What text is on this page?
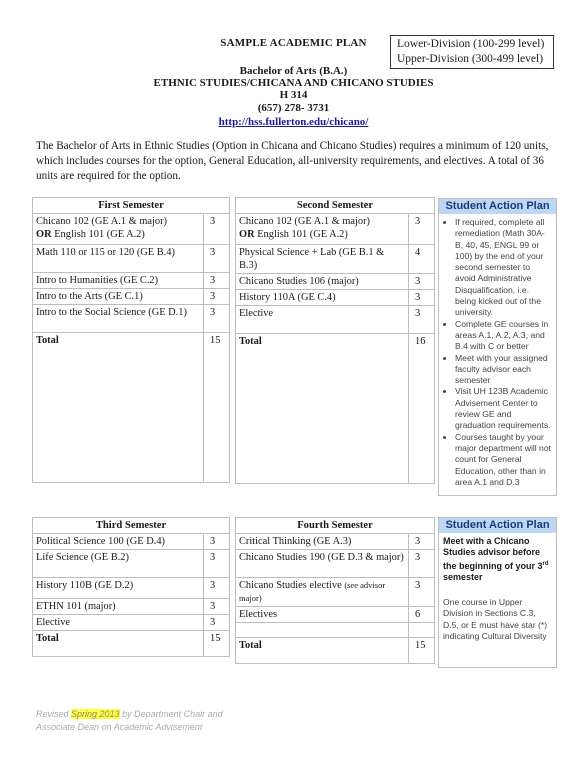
Lower-Division (100-299 level)
Upper-Division (300-499 level)
SAMPLE ACADEMIC PLAN
Bachelor of Arts (B.A.)
ETHNIC STUDIES/CHICANA AND CHICANO STUDIES
H 314
(657) 278- 3731
http://hss.fullerton.edu/chicano/
The Bachelor of Arts in Ethnic Studies (Option in Chicana and Chicano Studies) requires a minimum of 120 units, which includes courses for the option, General Education, all-university requirements, and electives. A total of 36 units are required for the option.
First Semester	
Chicano 102 (GE A.1 & major)
OR English 101 (GE A.2)	3
Math 110 or 115 or 120 (GE B.4)	3
Intro to Humanities (GE C.2)	3
Intro to the Arts (GE C.1)	3
Intro to the Social Science (GE D.1)	3
Total	15
Second Semester	
Chicano 102 (GE A.1 & major)
OR English 101 (GE A.2)	3
Physical Science + Lab (GE B.1 & B.3)	4
Chicano Studies 106 (major)	3
History 110A (GE C.4)	3
Elective	3
Total	16
Student Action Plan
• If required, complete all remediation (Math 30A-B, 40, 45, ENGL 99 or 100) by the end of your second semester to avoid Administrative Disqualification, i.e. being kicked out of the university.
• Complete GE courses in areas A.1, A.2, A.3, and B.4 with C or better
• Meet with your assigned faculty advisor each semester
• Visit UH 123B Academic Advisement Center to review GE and graduation requirements.
• Courses taught by your major department will not count for General Education, other than in area A.1 and D.3
Third Semester	
Political Science 100 (GE D.4)	3
Life Science (GE B.2)	3
History 110B (GE D.2)	3
ETHN 101 (major)	3
Elective	3
Total	15
Fourth Semester	
Critical Thinking (GE A.3)	3
Chicano Studies 190 (GE D.3 & major)	3
Chicano Studies elective (see advisor major)	3
Electives	6

Total	15
Student Action Plan

Meet with a Chicano Studies advisor before the beginning of your 3rd semester

One course in Upper Division in Sections C.3, D.5, or E must have star (*) indicating Cultural Diversity

Revised Spring 2013 by Department Chair and Associate Dean on Academic Advisement
